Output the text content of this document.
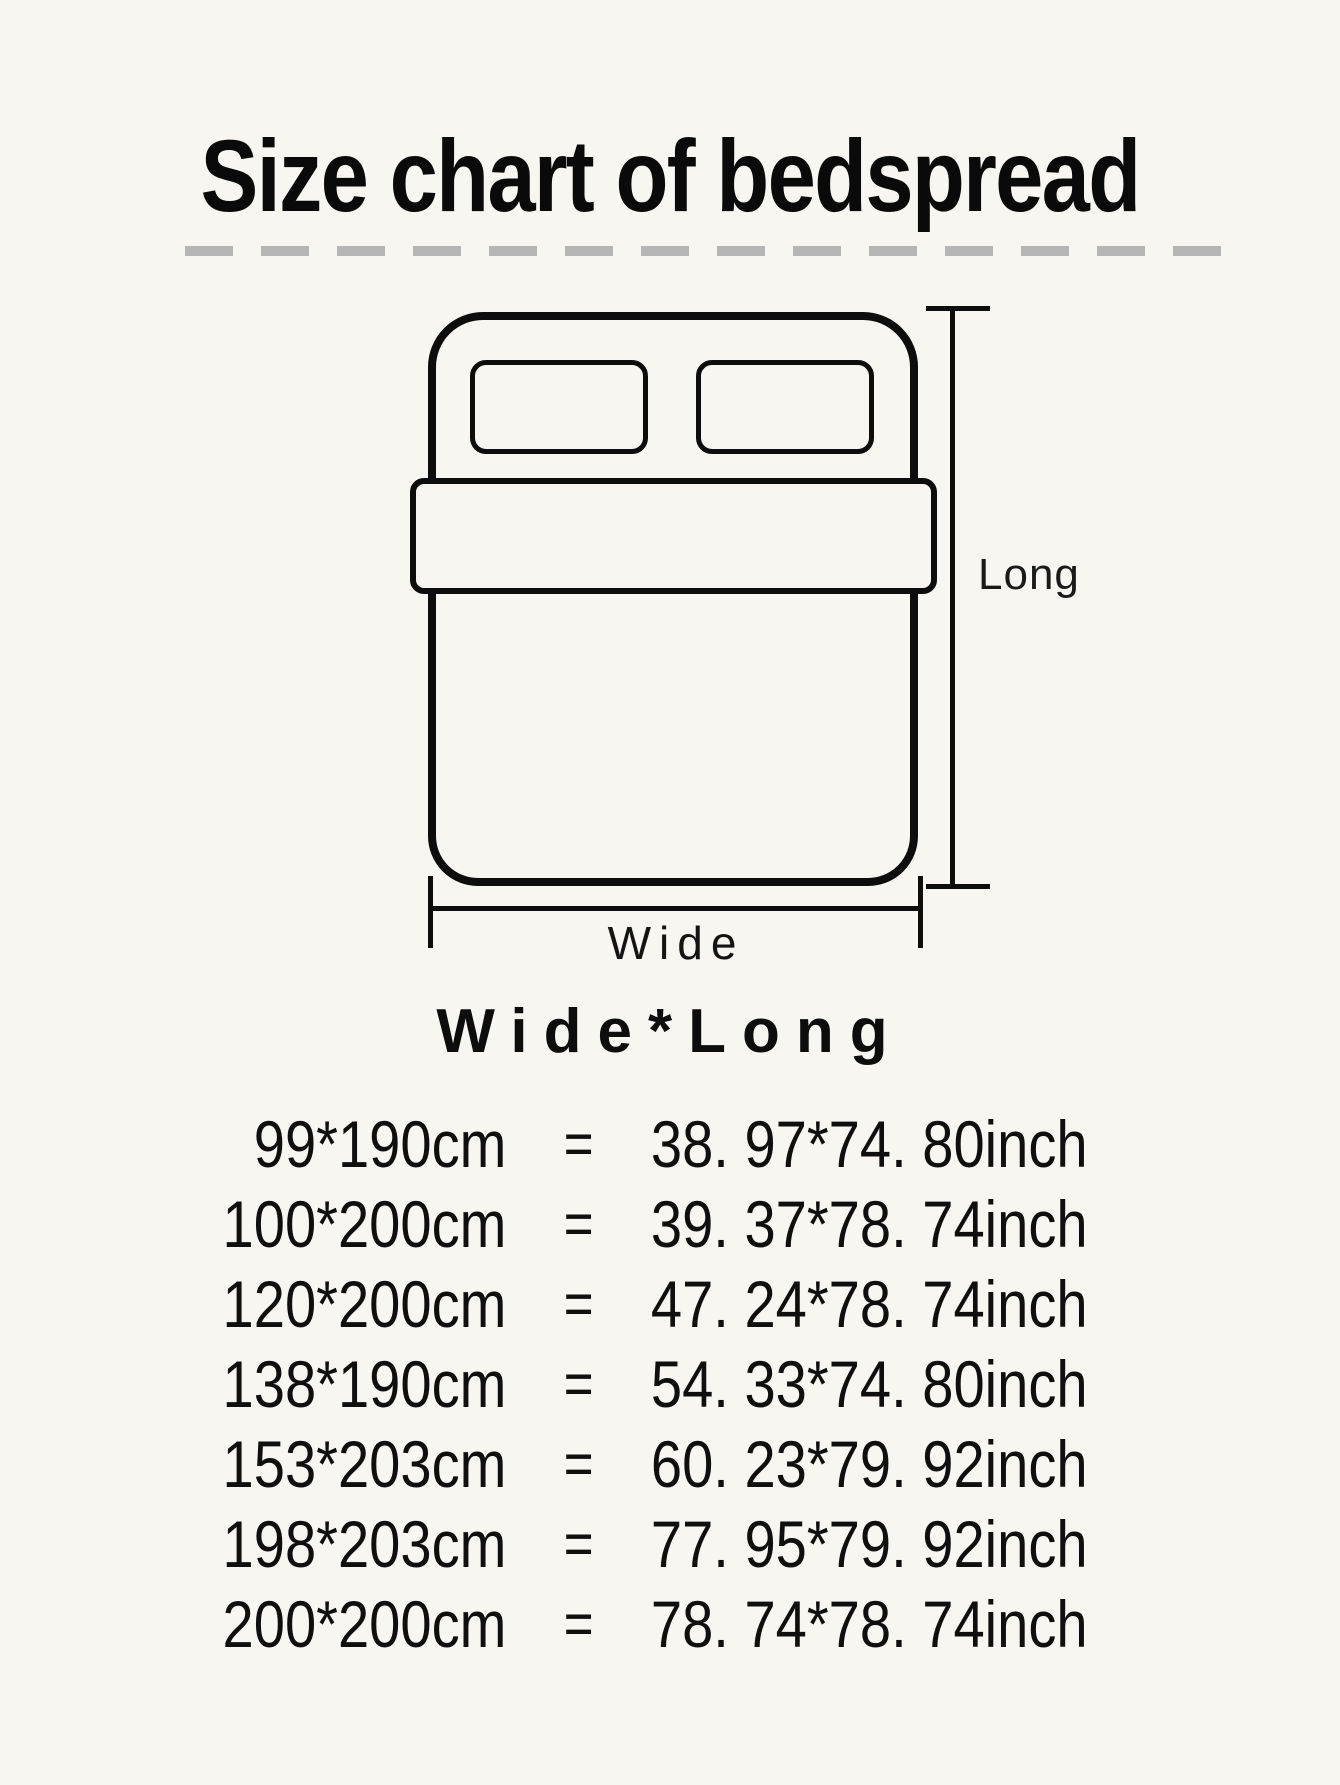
Size chart of bedspread
Long
Wide
Wide*Long
99*190cm = 38. 97*74. 80inch
100*200cm = 39. 37*78. 74inch
120*200cm = 47. 24*78. 74inch
138*190cm = 54. 33*74. 80inch
153*203cm = 60. 23*79. 92inch
198*203cm = 77. 95*79. 92inch
200*200cm = 78. 74*78. 74inch
